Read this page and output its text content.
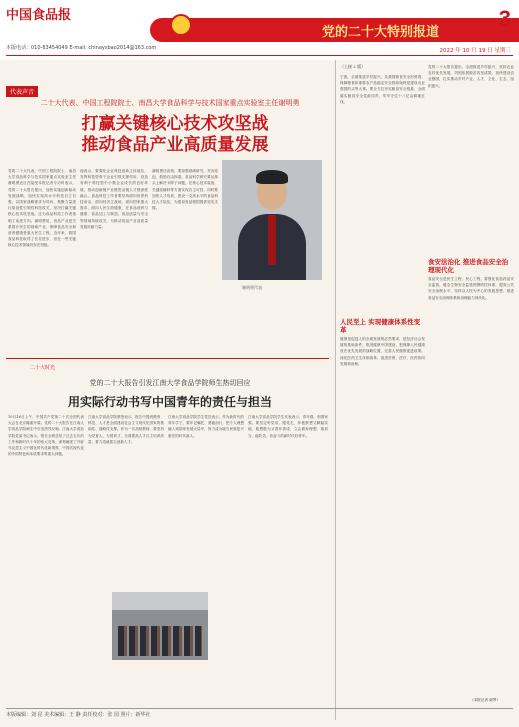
中国食品报
党的二十大特别报道
3
本版电话：010-63454049 E-mail: chinaysbao2014@163.com	2022 年 10 月 19 日 星期三
代表声音
二十大代表、中国工程院院士、南昌大学食品科学与技术国家重点实验室主任谢明勇
打赢关键核心技术攻坚战
推动食品产业高质量发展
党的二十大代表、中国工程院院士、南昌大学食品科学与技术国家重点实验室主任谢明勇近日在接受本报记者专访时表示，党的二十大报告提出，加快实施创新驱动发展战略，加快实现高水平科技自立自强，以国家战略需求为导向，集聚力量进行原创性引领性科技攻关，坚决打赢关键核心技术攻坚战。这为食品科技工作者指明了前进方向。谢明勇说，食品产业是关系国计民生的基础产业，保障食品安全和营养健康是重大民生工程。近年来，我国食品科技取得了长足进步，但在一些关键核心技术领域仍存在短板。
他表示，要强化企业科技创新主体地位，发挥科技型骨干企业引领支撑作用，营造有利于科技型中小微企业成长的良好环境，推动创新链产业链资金链人才链深度融合。食品科技工作者要坚持面向世界科技前沿、面向经济主战场、面向国家重大需求、面向人民生命健康，在食品营养与健康、食品加工与制造、食品质量与安全等领域持续攻关，为推动食品产业高质量发展贡献力量。
谢明勇还谈到，要加强基础研究，突出原创，鼓励自由探索。食品科学研究要从源头上解决卡脖子问题，在核心技术装备、关键原辅料等方面实现自主可控。同时要加快人才培养，建设一支高水平的食品科技人才队伍，为建设食品强国提供坚实支撑。
谢明勇代表
二十大时光
党的二十大报告引发江南大学食品学院师生热切回应
用实际行动书写中国青年的责任与担当
10月16日上午，中国共产党第二十次全国代表大会在北京隆重开幕。党的二十大报告在江南大学食品学院师生中引发热烈反响。江南大学食品学院党委书记表示，报告全面总结了过去五年的工作和新时代十年的伟大变革，深刻阐述了开辟马克思主义中国化时代化新境界、中国式现代化的中国特色和本质要求等重大问题。
江南大学食品学院教授表示，报告中提到教育、科技、人才是全面建设社会主义现代化国家的基础性、战略性支撑。作为一名高校教师，要坚持为党育人、为国育才，全面提高人才自主培养质量，着力造就拔尖创新人才。
江南大学食品学院学生党员表示，作为新时代的青年学子，要牢记嘱托、勇毅前行，把个人理想融入到国家发展大局中，努力成为堪当民族复兴重任的时代新人。
江南大学食品学院学生代表表示，青年强，则国家强。要坚定听党话、跟党走，怀抱梦想又脚踏实地，敢想敢为又善作善成，立志做有理想、敢担当、能吃苦、肯奋斗的新时代好青年。
（上接 2 版）
宁波，全面推进乡村振兴。从我国粮食安全形势看，保障粮食和重要农产品稳定安全供给始终是建设农业强国的头等大事。要全方位夯实粮食安全根基，全面落实粮食安全党政同责，牢牢守住十八亿亩耕地红线。
人民至上 实现健康体系性变革
健康是促进人的全面发展的必然要求，是经济社会发展的基础条件。推进健康中国建设，把保障人民健康放在优先发展的战略位置，完善人民健康促进政策。深化医药卫生体制改革，促进医保、医疗、医药协同发展和治理。
党的二十大报告提出，全面推进乡村振兴，坚持农业农村优先发展，巩固拓展脱贫攻坚成果，加快建设农业强国，扎实推动乡村产业、人才、文化、生态、组织振兴。
食安法治化 推进食品安全治理现代化
食品安全是民生工程、民心工程。要强化食品药品安全监管，健全生物安全监管预警防控体系，提高公共安全治理水平，坚持以人民为中心的发展思想，推进食品安全治理体系和治理能力现代化。
（本报记者 谢琴）
本版编辑：刘 昆 美术编辑：王 静 责任校对：张 园 照片：新华社
